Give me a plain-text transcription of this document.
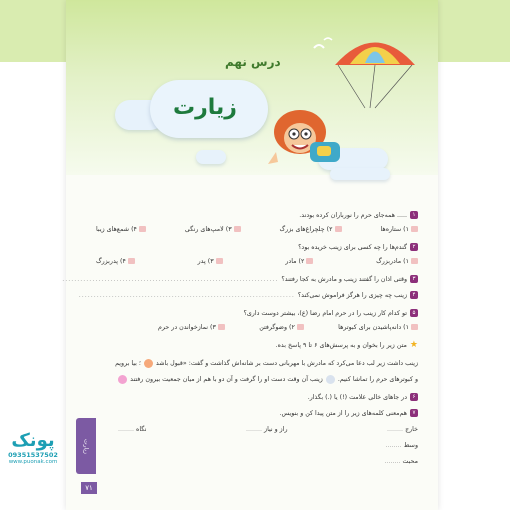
درس نهم
زیارت
۱
..... همه‌جای حرم را نورباران کرده بودند.
۱) ستاره‌ها
۲) چلچراغ‌های بزرگ
۳) لامپ‌های رنگی
۴) شمع‌های زیبا
۲
گندم‌ها را چه کسی برای زینب خریده بود؟
۱) مادربزرگ
۲) مادر
۳) پدر
۴) پدربزرگ
۳
وقتی اذان را گفتند زینب و مادرش به کجا رفتند؟
........................................................................
۴
زینب چه چیزی را هرگز فراموش نمی‌کند؟
........................................................................
۵
تو کدام کار زینب را در حرم امام رضا (ع)، بیشتر دوست داری؟
۱) دانه‌پاشیدن برای کبوترها
۲) وضوگرفتن
۳) نمازخواندن در حرم
★
متن زیر را بخوان و به پرسش‌های ۶ تا ۹ پاسخ بده.
زینب داشت زیر لب دعا می‌کرد که مادرش با مهربانی دست بر شانه‌اش گذاشت و گفت: «قبول باشد
؛ بیا برویم
و کبوترهای حرم را تماشا کنیم.
زینب آن وقت دست او را گرفت و آن دو با هم از میان جمعیت بیرون رفتند
۶
در جاهای خالی علامت (!) یا (.) بگذار.
۷
هم‌معنی کلمه‌های زیر را از متن پیدا کن و بنویس.
خارج ........
راز و نیاز ........
نگاه ........
وسط ........
محبت ........
زیارت
۷۱
پونک
09351537502
www.puonak.com
